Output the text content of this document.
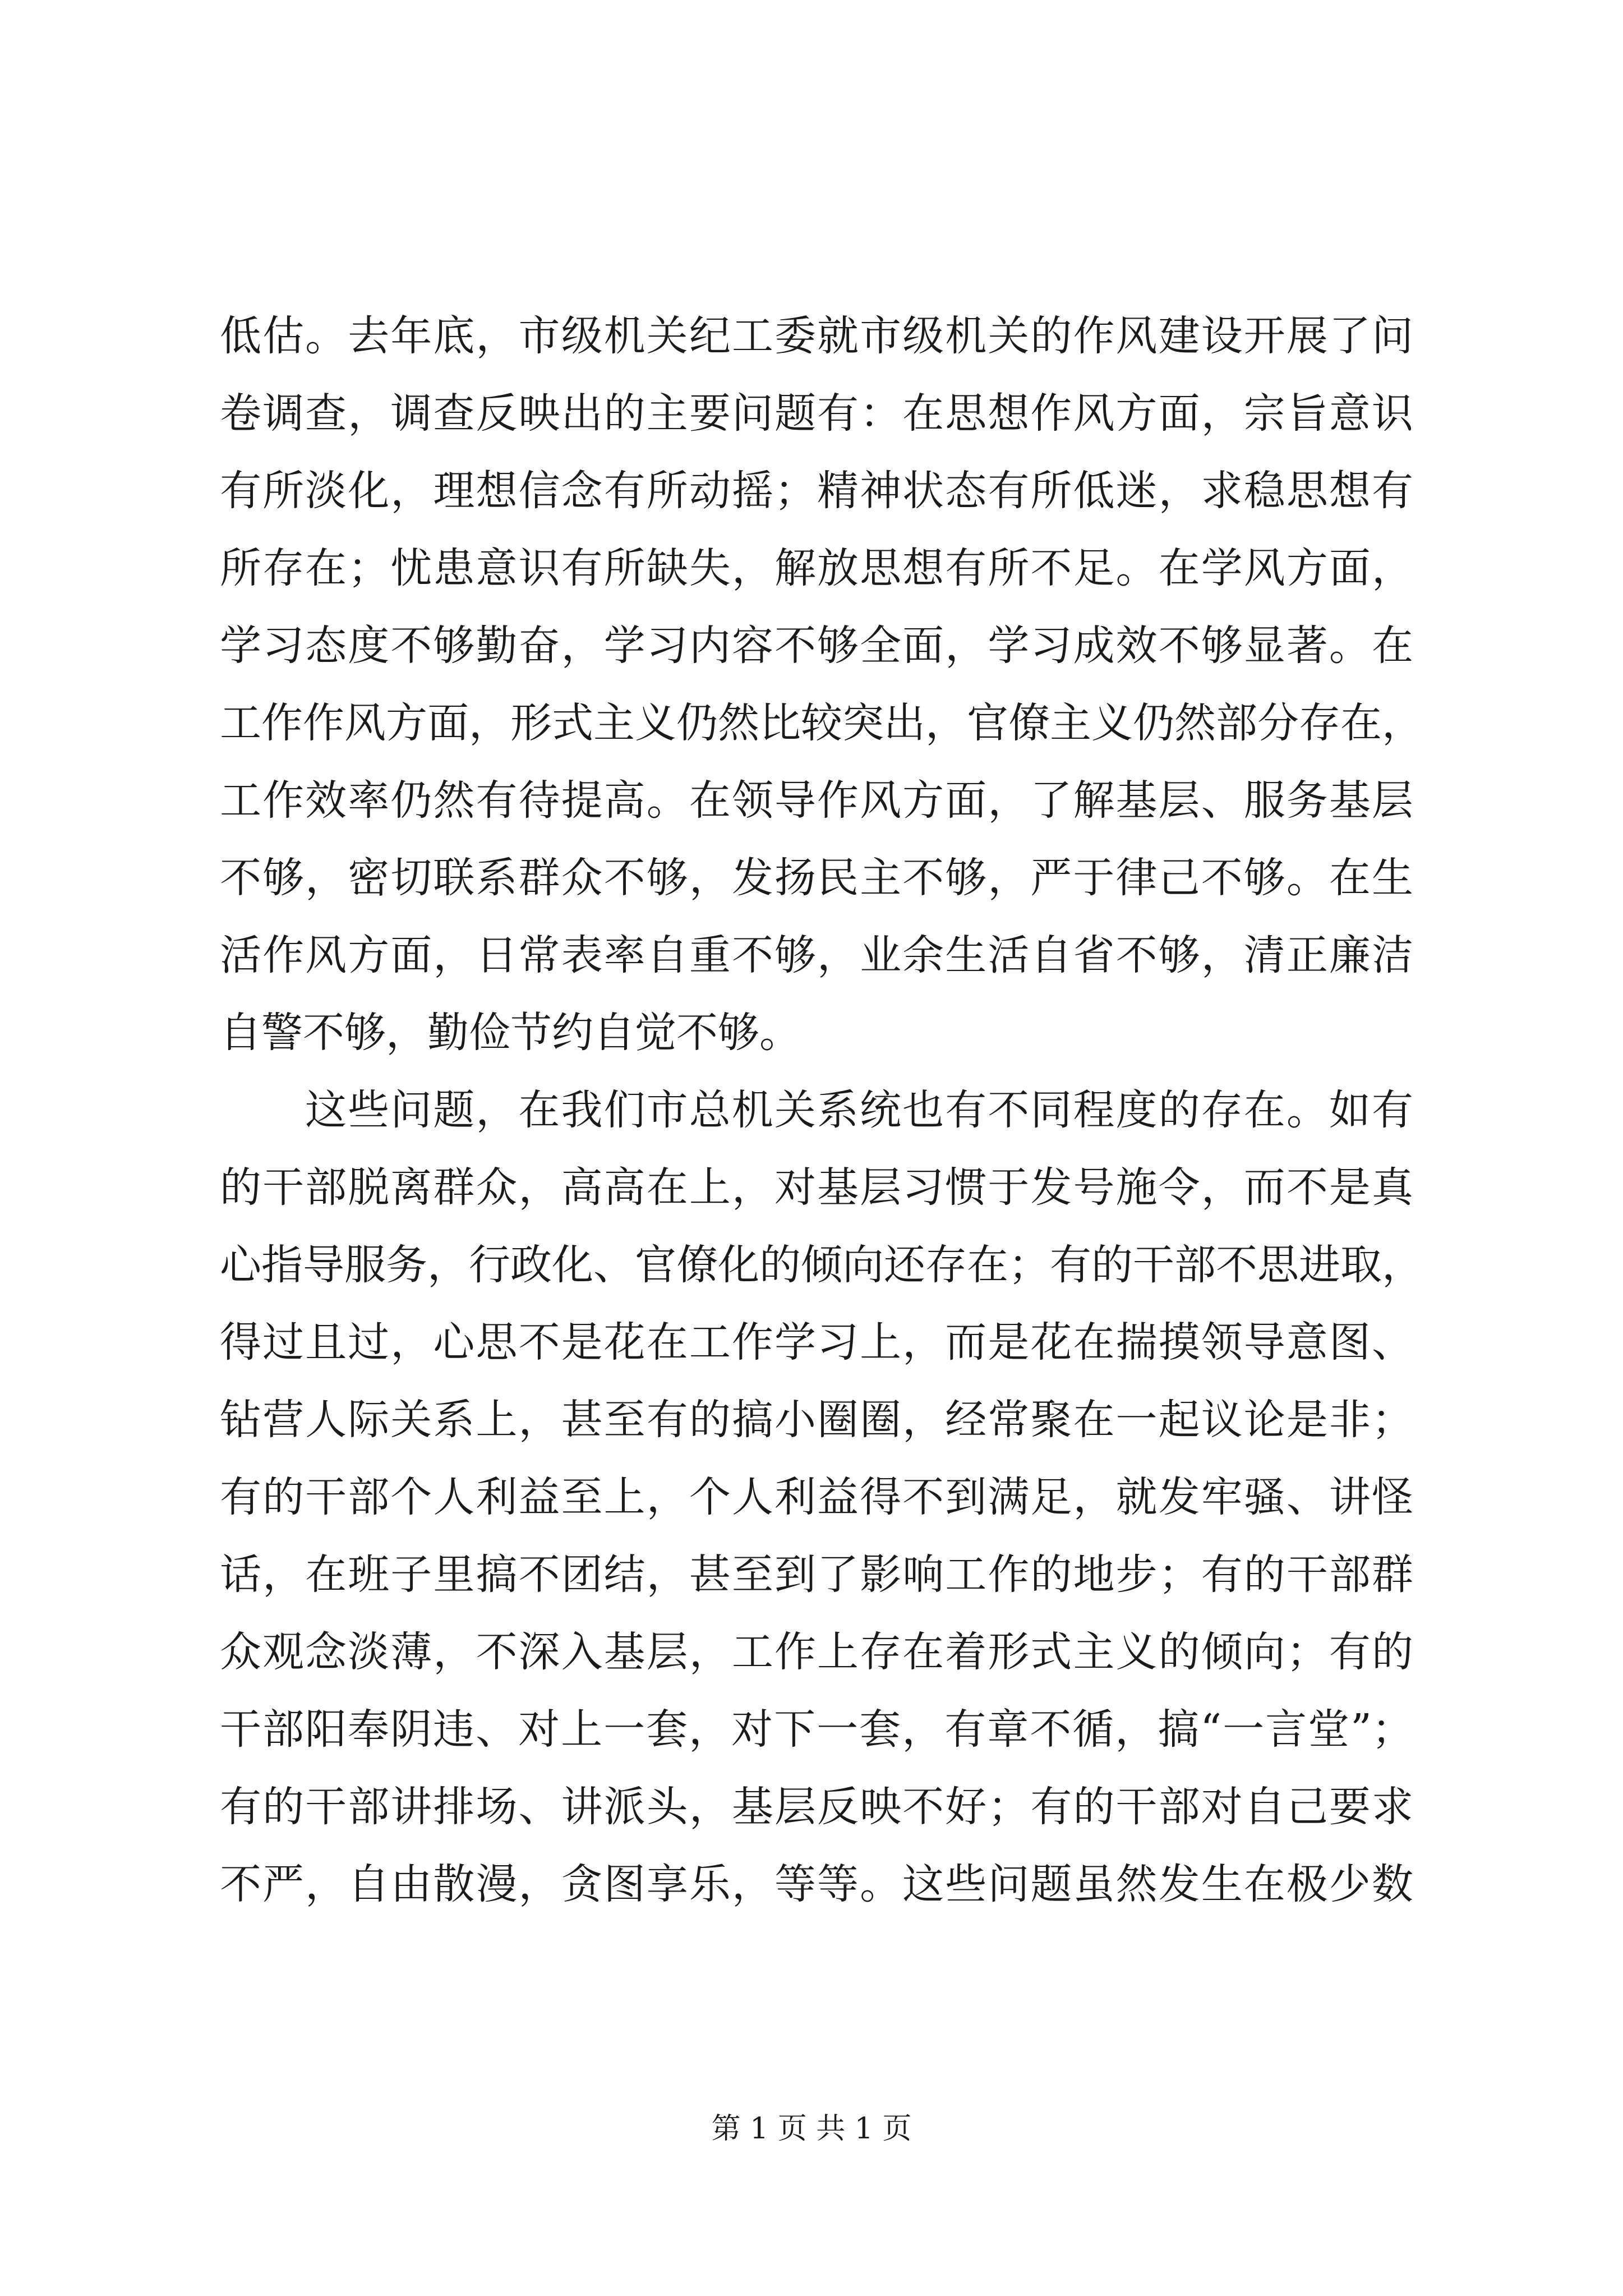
低估。去年底，市级机关纪工委就市级机关的作风建设开展了问
卷调查，调查反映出的主要问题有：在思想作风方面，宗旨意识
有所淡化，理想信念有所动摇；精神状态有所低迷，求稳思想有
所存在；忧患意识有所缺失，解放思想有所不足。在学风方面，
学习态度不够勤奋，学习内容不够全面，学习成效不够显著。在
工作作风方面，形式主义仍然比较突出，官僚主义仍然部分存在，
工作效率仍然有待提高。在领导作风方面，了解基层、服务基层
不够，密切联系群众不够，发扬民主不够，严于律己不够。在生
活作风方面，日常表率自重不够，业余生活自省不够，清正廉洁
自警不够，勤俭节约自觉不够。
这些问题，在我们市总机关系统也有不同程度的存在。如有
的干部脱离群众，高高在上，对基层习惯于发号施令，而不是真
心指导服务，行政化、官僚化的倾向还存在；有的干部不思进取，
得过且过，心思不是花在工作学习上，而是花在揣摸领导意图、
钻营人际关系上，甚至有的搞小圈圈，经常聚在一起议论是非；
有的干部个人利益至上，个人利益得不到满足，就发牢骚、讲怪
话，在班子里搞不团结，甚至到了影响工作的地步；有的干部群
众观念淡薄，不深入基层，工作上存在着形式主义的倾向；有的
干部阳奉阴违、对上一套，对下一套，有章不循，搞“一言堂”；
有的干部讲排场、讲派头，基层反映不好；有的干部对自己要求
不严，自由散漫，贪图享乐，等等。这些问题虽然发生在极少数
第 1 页 共 1 页
